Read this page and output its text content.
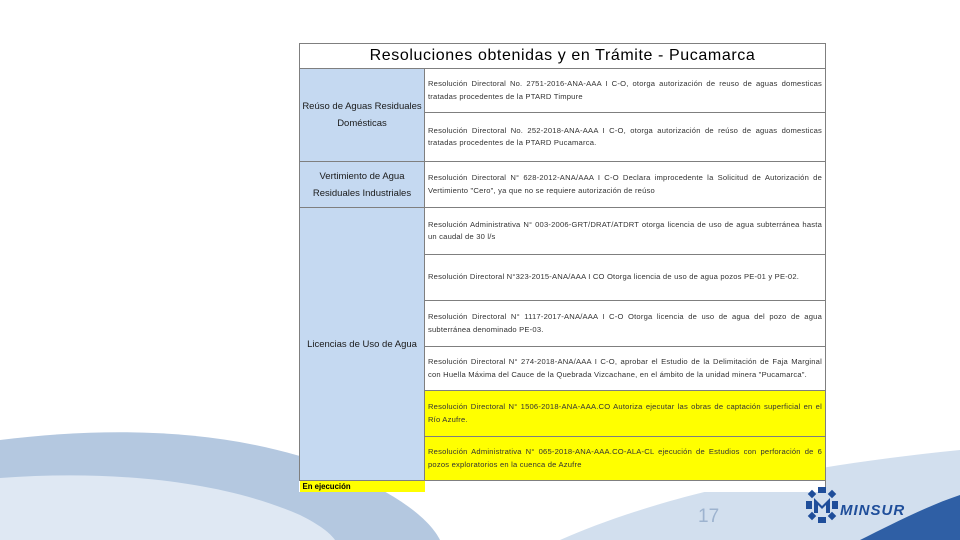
Resoluciones obtenidas y en Trámite - Pucamarca	
Reúso de Aguas Residuales Domésticas	Resolución Directoral No. 2751-2016-ANA-AAA I C-O, otorga autorización de reuso de aguas domesticas tratadas procedentes de la PTARD Timpure
	Resolución Directoral No. 252-2018-ANA-AAA I C-O, otorga autorización de reúso de aguas domesticas tratadas procedentes de la PTARD Pucamarca.
Vertimiento de Agua Residuales Industriales	Resolución Directoral N° 628-2012-ANA/AAA I C-O Declara improcedente la Solicitud de Autorización de Vertimiento "Cero", ya que no se requiere autorización de reúso
Licencias de Uso de Agua	Resolución Administrativa N° 003-2006-GRT/DRAT/ATDRT otorga licencia de uso de agua subterránea hasta un caudal de 30 l/s
	Resolución Directoral N°323-2015-ANA/AAA I CO Otorga licencia de uso de agua pozos PE-01 y PE-02.
	Resolución Directoral N° 1117-2017-ANA/AAA I C-O Otorga licencia de uso de agua del pozo de agua subterránea denominado PE-03.
	Resolución Directoral N° 274-2018-ANA/AAA I C-O, aprobar el Estudio de la Delimitación de Faja Marginal con Huella Máxima del Cauce de la Quebrada Vizcachane, en el ámbito de la unidad minera "Pucamarca".
	Resolución Directoral N° 1506-2018-ANA-AAA.CO Autoriza ejecutar las obras de captación superficial en el Río Azufre.
	Resolución Administrativa N° 065-2018-ANA-AAA.CO-ALA-CL ejecución de Estudios con perforación de 6 pozos exploratorios en la cuenca de Azufre
En ejecución	
17	MINSUR
